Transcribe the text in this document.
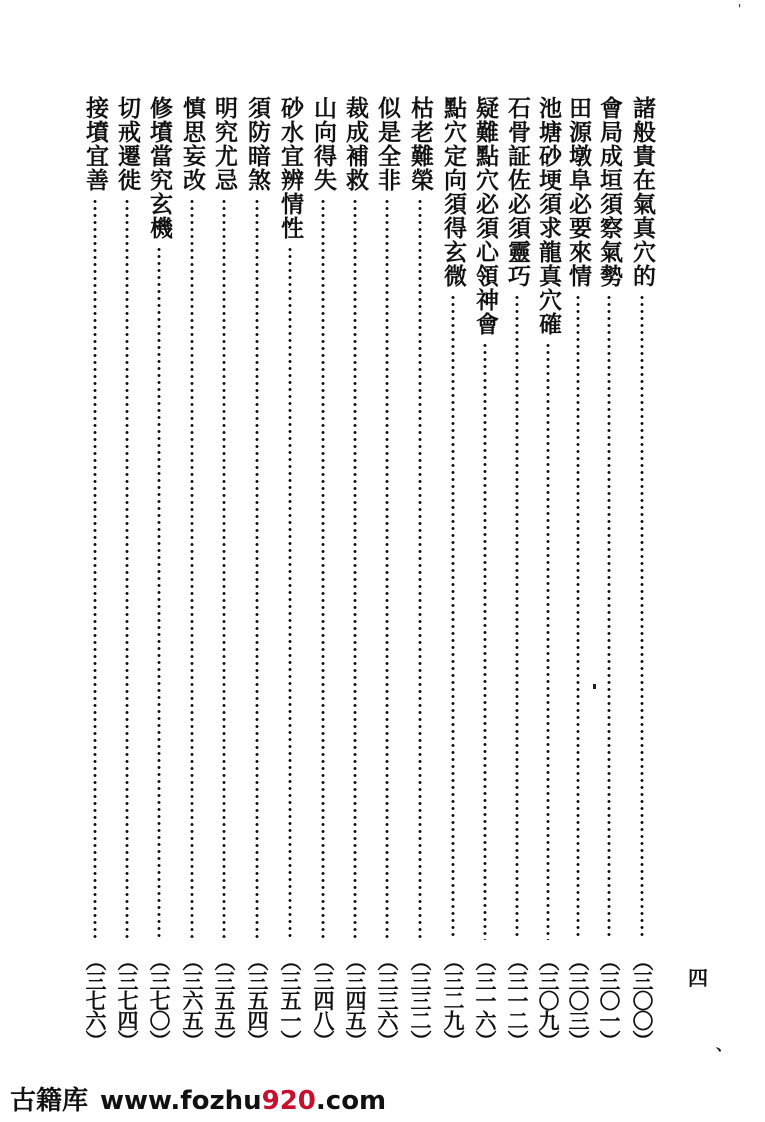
'
諸般貴在氣真穴的
（三〇〇）
會局成垣須察氣勢
（三〇一）
田源墩阜必要來情
（三〇三）
池塘砂埂須求龍真穴確
（三〇九）
石骨証佐必須靈巧
（三一二）
疑難點穴必須心領神會
（三一六）
點穴定向須得玄微
（三二九）
枯老難榮
（三三二）
似是全非
（三三六）
裁成補救
（三四五）
山向得失
（三四八）
砂水宜辨情性
（三五一）
須防暗煞
（三五四）
明究尤忌
（三五五）
慎思妄改
（三六五）
修墳當究玄機
（三七〇）
切戒遷徙
（三七四）
接墳宜善
（三七六）	四
、
古籍库 www.fozhu920.com
